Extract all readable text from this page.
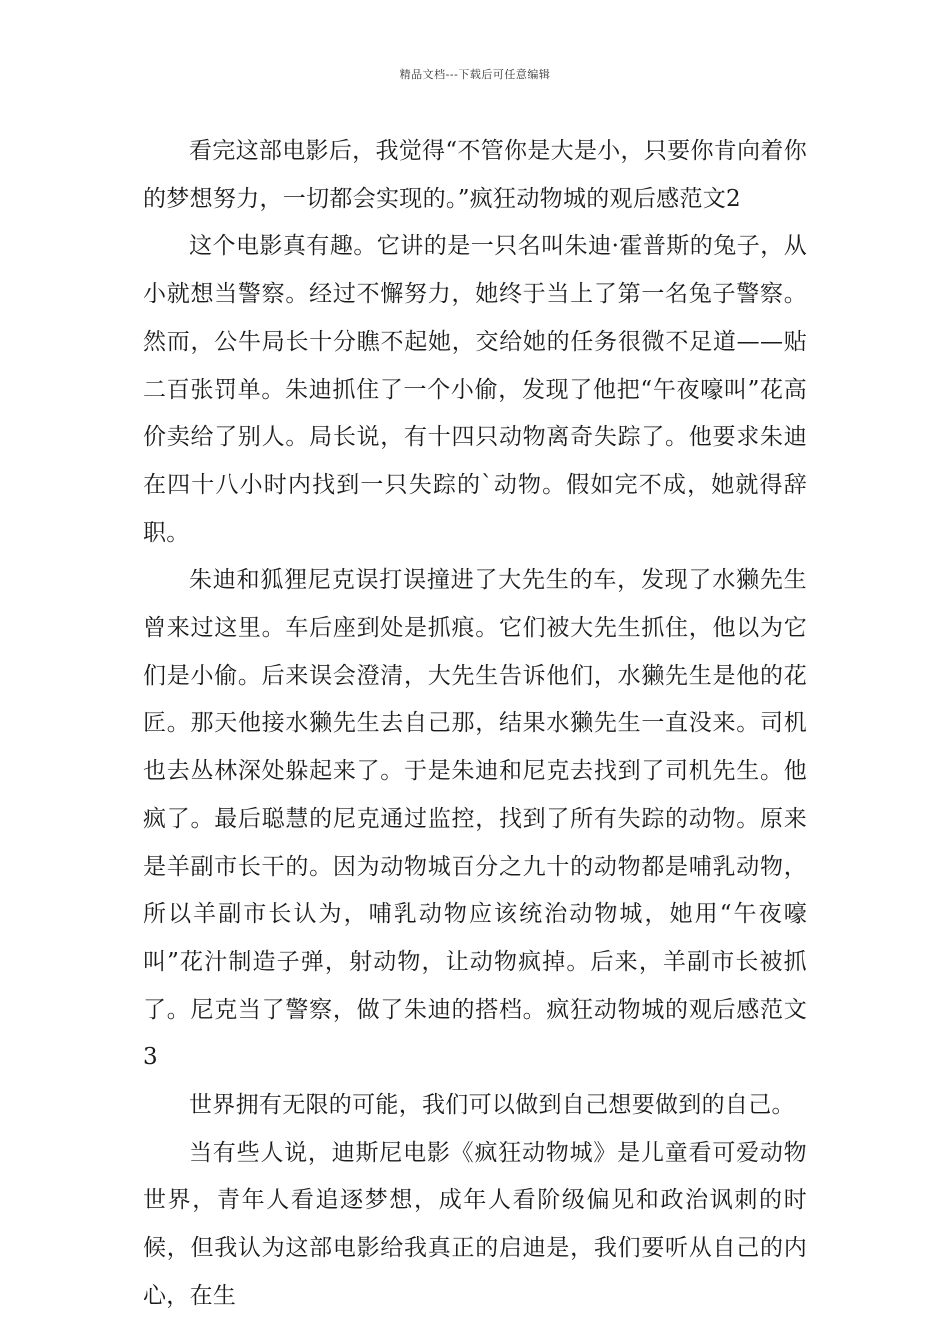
精品文档---下载后可任意编辑

看完这部电影后，我觉得“不管你是大是小，只要你肯向着你的梦想努力，一切都会实现的。”疯狂动物城的观后感范文2

这个电影真有趣。它讲的是一只名叫朱迪·霍普斯的兔子，从小就想当警察。经过不懈努力，她终于当上了第一名兔子警察。然而，公牛局长十分瞧不起她，交给她的任务很微不足道——贴二百张罚单。朱迪抓住了一个小偷，发现了他把“午夜嚎叫”花高价卖给了别人。局长说，有十四只动物离奇失踪了。他要求朱迪在四十八小时内找到一只失踪的`动物。假如完不成，她就得辞职。

朱迪和狐狸尼克误打误撞进了大先生的车，发现了水獭先生曾来过这里。车后座到处是抓痕。它们被大先生抓住，他以为它们是小偷。后来误会澄清，大先生告诉他们，水獭先生是他的花匠。那天他接水獭先生去自己那，结果水獭先生一直没来。司机也去丛林深处躲起来了。于是朱迪和尼克去找到了司机先生。他疯了。最后聪慧的尼克通过监控，找到了所有失踪的动物。原来是羊副市长干的。因为动物城百分之九十的动物都是哺乳动物，所以羊副市长认为，哺乳动物应该统治动物城，她用“午夜嚎叫”花汁制造子弹，射动物，让动物疯掉。后来，羊副市长被抓了。尼克当了警察，做了朱迪的搭档。疯狂动物城的观后感范文3

世界拥有无限的可能，我们可以做到自己想要做到的自己。

当有些人说，迪斯尼电影《疯狂动物城》是儿童看可爱动物世界，青年人看追逐梦想，成年人看阶级偏见和政治讽刺的时候，但我认为这部电影给我真正的启迪是，我们要听从自己的内心，在生
